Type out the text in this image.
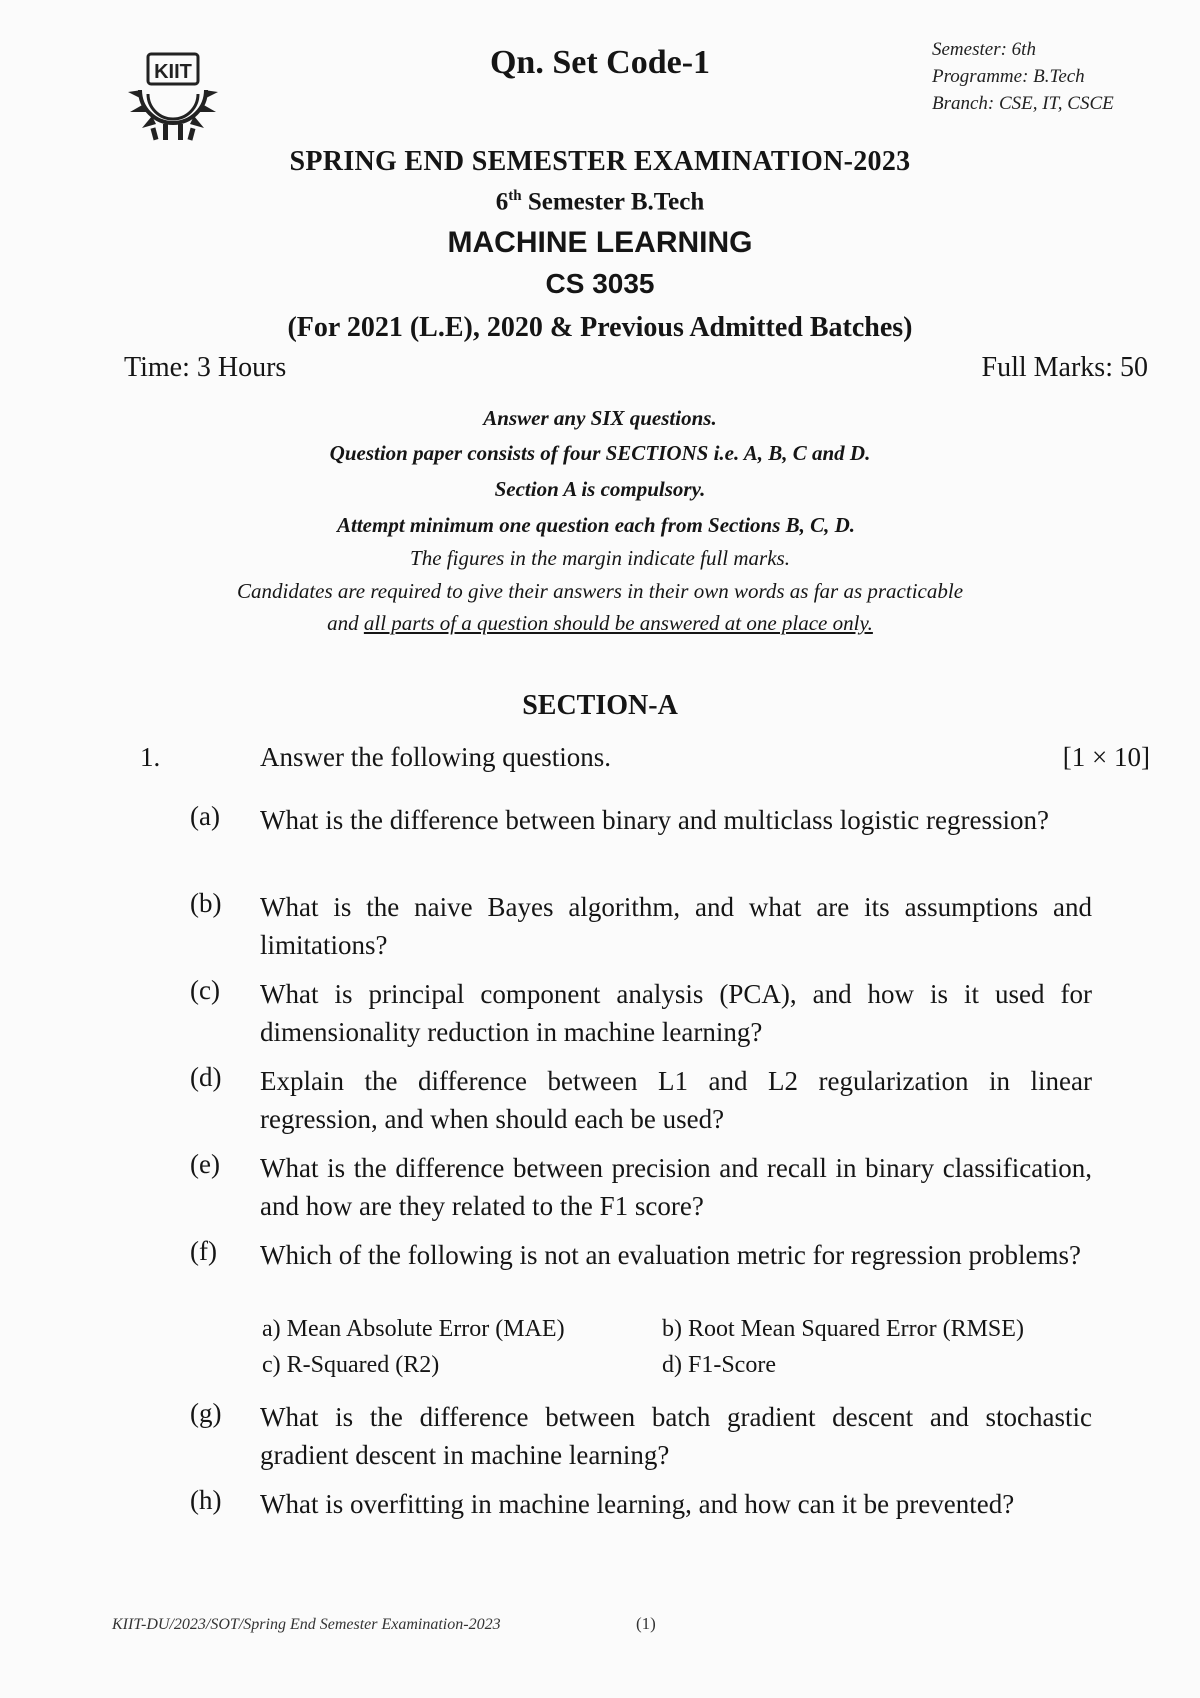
KIIT	Qn. Set Code-1	Semester: 6th
Programme: B.Tech
Branch: CSE, IT, CSCE
SPRING END SEMESTER EXAMINATION-2023
6th Semester B.Tech
MACHINE LEARNING
CS 3035
(For 2021 (L.E), 2020 & Previous Admitted Batches)
Time: 3 Hours	Full Marks: 50
Answer any SIX questions.
Question paper consists of four SECTIONS i.e. A, B, C and D.
Section A is compulsory.
Attempt minimum one question each from Sections B, C, D.
The figures in the margin indicate full marks.
Candidates are required to give their answers in their own words as far as practicable
and all parts of a question should be answered at one place only.
SECTION-A
1.	Answer the following questions.	[1 × 10]
(a) What is the difference between binary and multiclass logistic regression?
(b) What is the naive Bayes algorithm, and what are its assumptions and limitations?
(c) What is principal component analysis (PCA), and how is it used for dimensionality reduction in machine learning?
(d) Explain the difference between L1 and L2 regularization in linear regression, and when should each be used?
(e) What is the difference between precision and recall in binary classification, and how are they related to the F1 score?
(f) Which of the following is not an evaluation metric for regression problems?
a) Mean Absolute Error (MAE)	b) Root Mean Squared Error (RMSE)
c) R-Squared (R2)	d) F1-Score
(g) What is the difference between batch gradient descent and stochastic gradient descent in machine learning?
(h) What is overfitting in machine learning, and how can it be prevented?
KIIT-DU/2023/SOT/Spring End Semester Examination-2023	(1)
